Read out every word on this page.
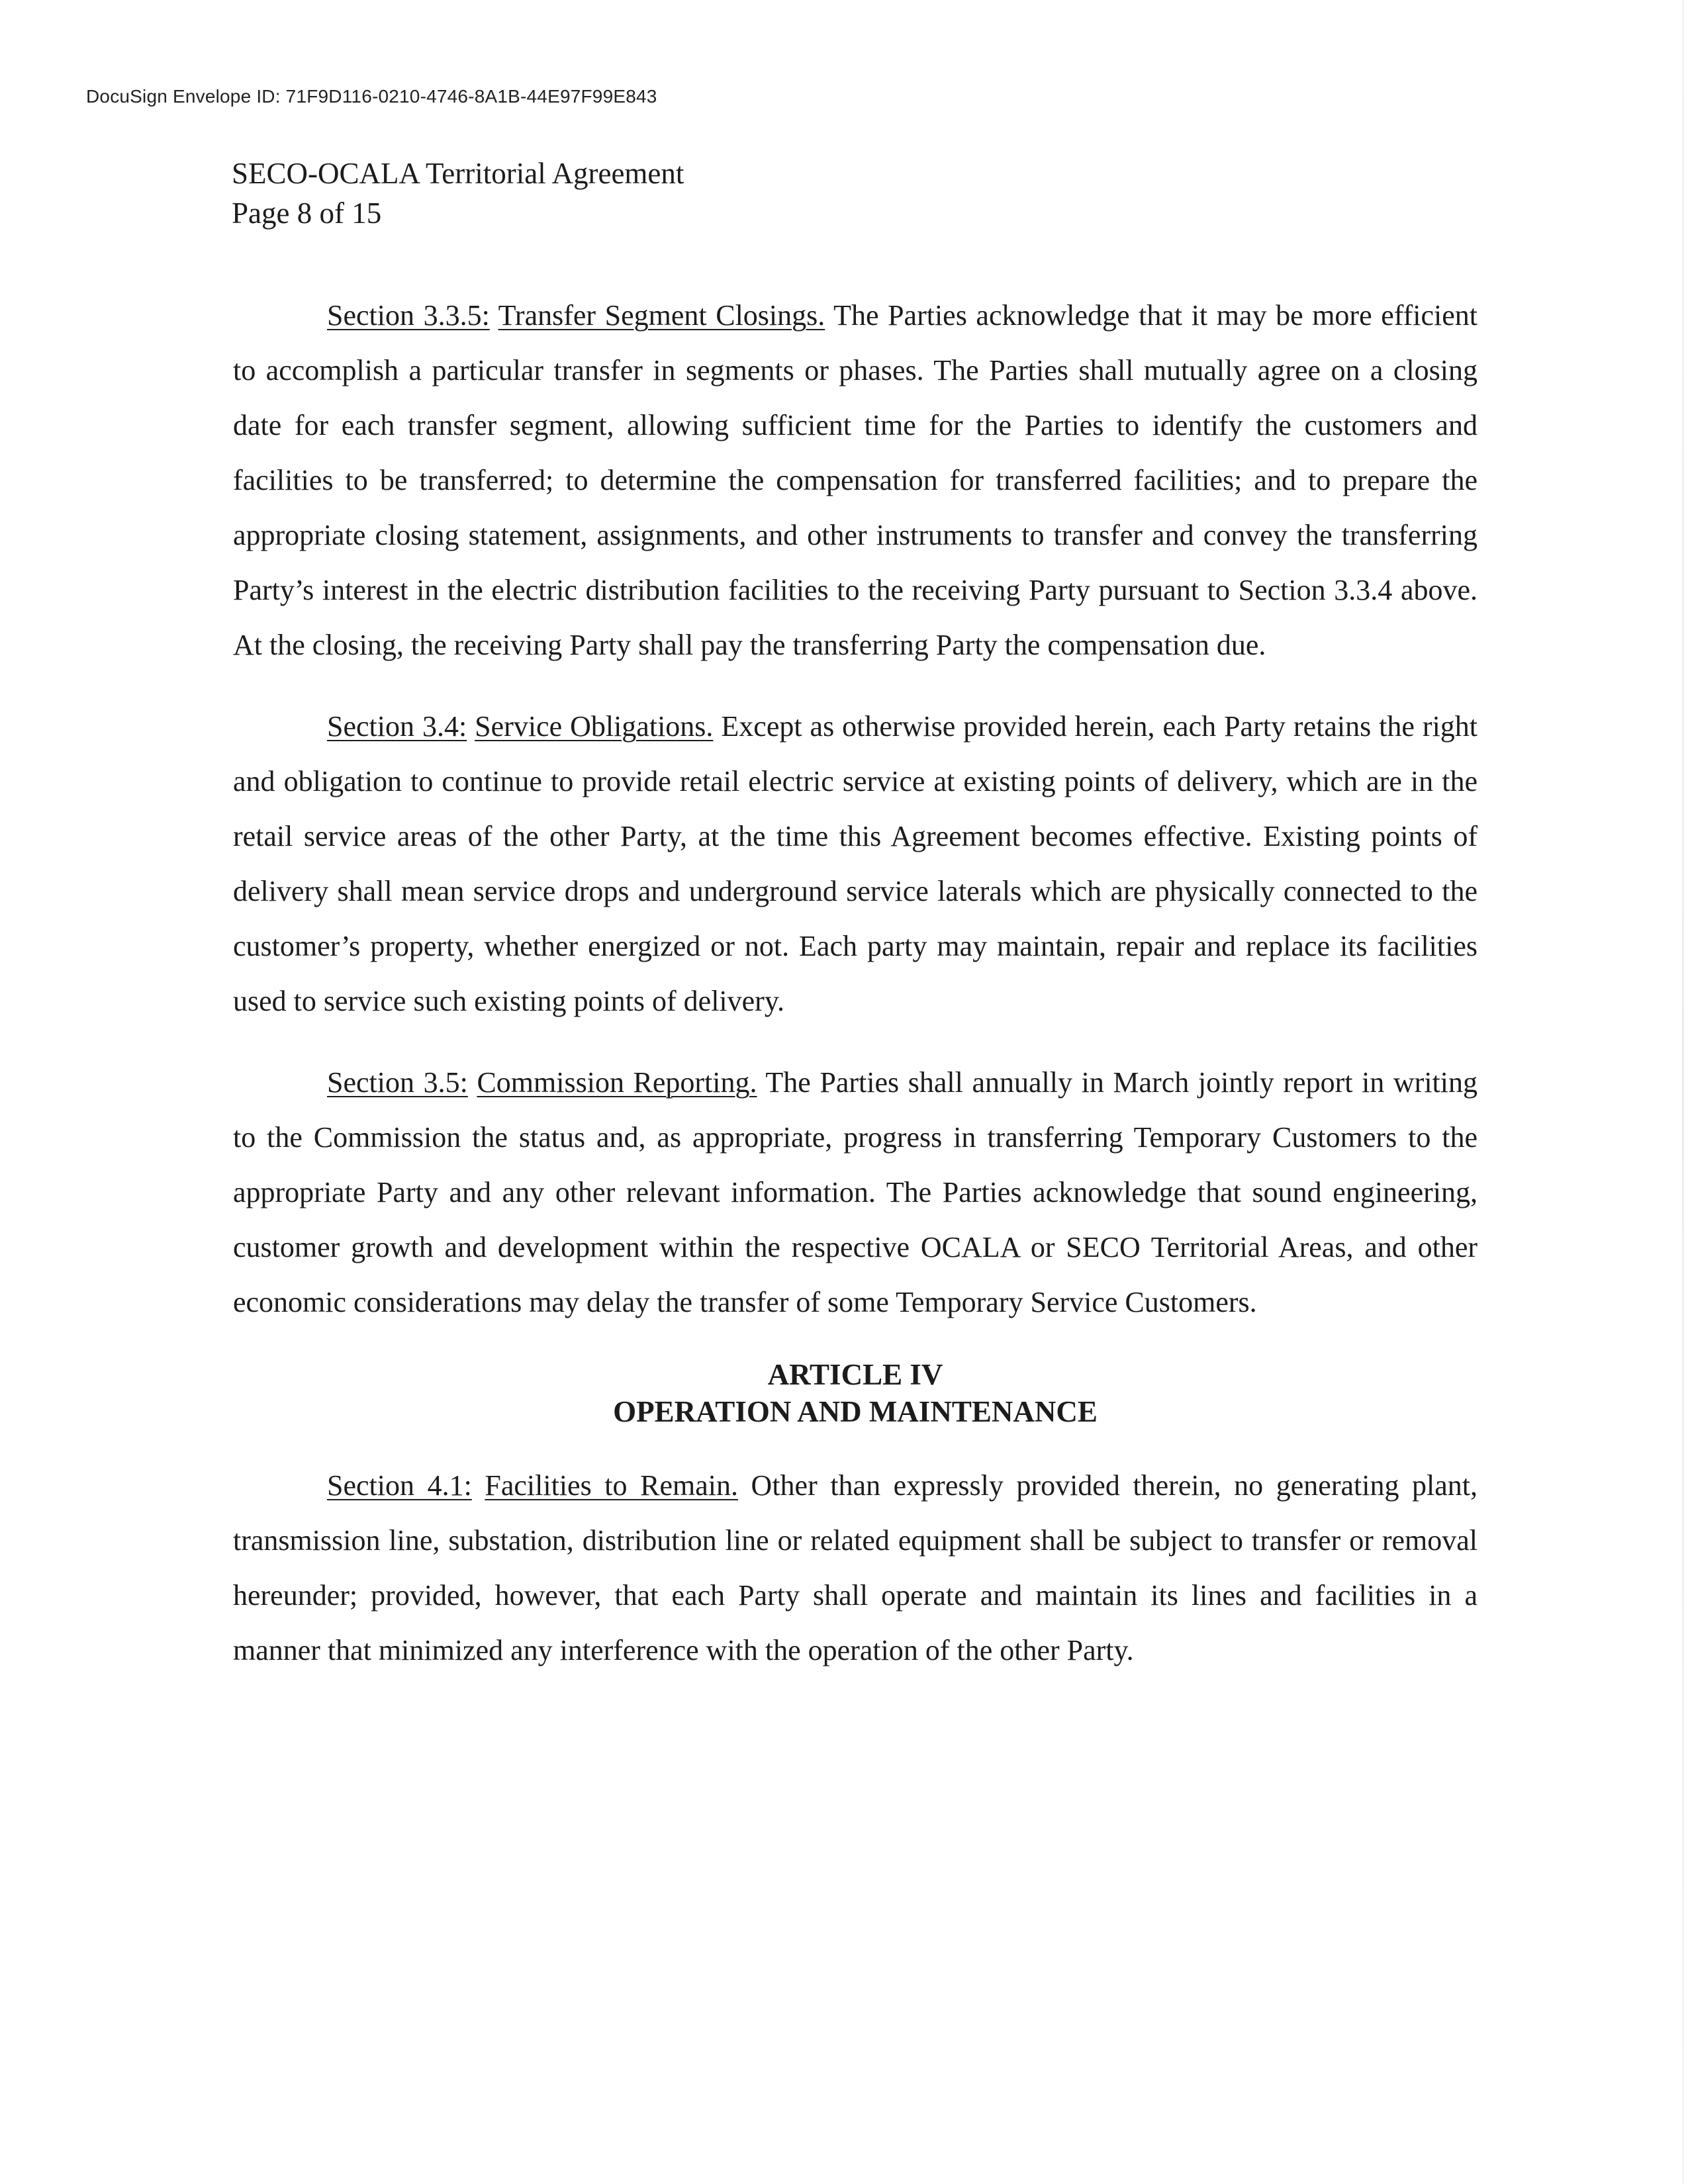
DocuSign Envelope ID: 71F9D116-0210-4746-8A1B-44E97F99E843
SECO-OCALA Territorial Agreement
Page 8 of 15

Section 3.3.5: Transfer Segment Closings. The Parties acknowledge that it may be more efficient to accomplish a particular transfer in segments or phases. The Parties shall mutually agree on a closing date for each transfer segment, allowing sufficient time for the Parties to identify the customers and facilities to be transferred; to determine the compensation for transferred facilities; and to prepare the appropriate closing statement, assignments, and other instruments to transfer and convey the transferring Party’s interest in the electric distribution facilities to the receiving Party pursuant to Section 3.3.4 above. At the closing, the receiving Party shall pay the transferring Party the compensation due.

Section 3.4: Service Obligations. Except as otherwise provided herein, each Party retains the right and obligation to continue to provide retail electric service at existing points of delivery, which are in the retail service areas of the other Party, at the time this Agreement becomes effective. Existing points of delivery shall mean service drops and underground service laterals which are physically connected to the customer’s property, whether energized or not. Each party may maintain, repair and replace its facilities used to service such existing points of delivery.

Section 3.5: Commission Reporting. The Parties shall annually in March jointly report in writing to the Commission the status and, as appropriate, progress in transferring Temporary Customers to the appropriate Party and any other relevant information. The Parties acknowledge that sound engineering, customer growth and development within the respective OCALA or SECO Territorial Areas, and other economic considerations may delay the transfer of some Temporary Service Customers.

ARTICLE IV
OPERATION AND MAINTENANCE

Section 4.1: Facilities to Remain. Other than expressly provided therein, no generating plant, transmission line, substation, distribution line or related equipment shall be subject to transfer or removal hereunder; provided, however, that each Party shall operate and maintain its lines and facilities in a manner that minimized any interference with the operation of the other Party.
